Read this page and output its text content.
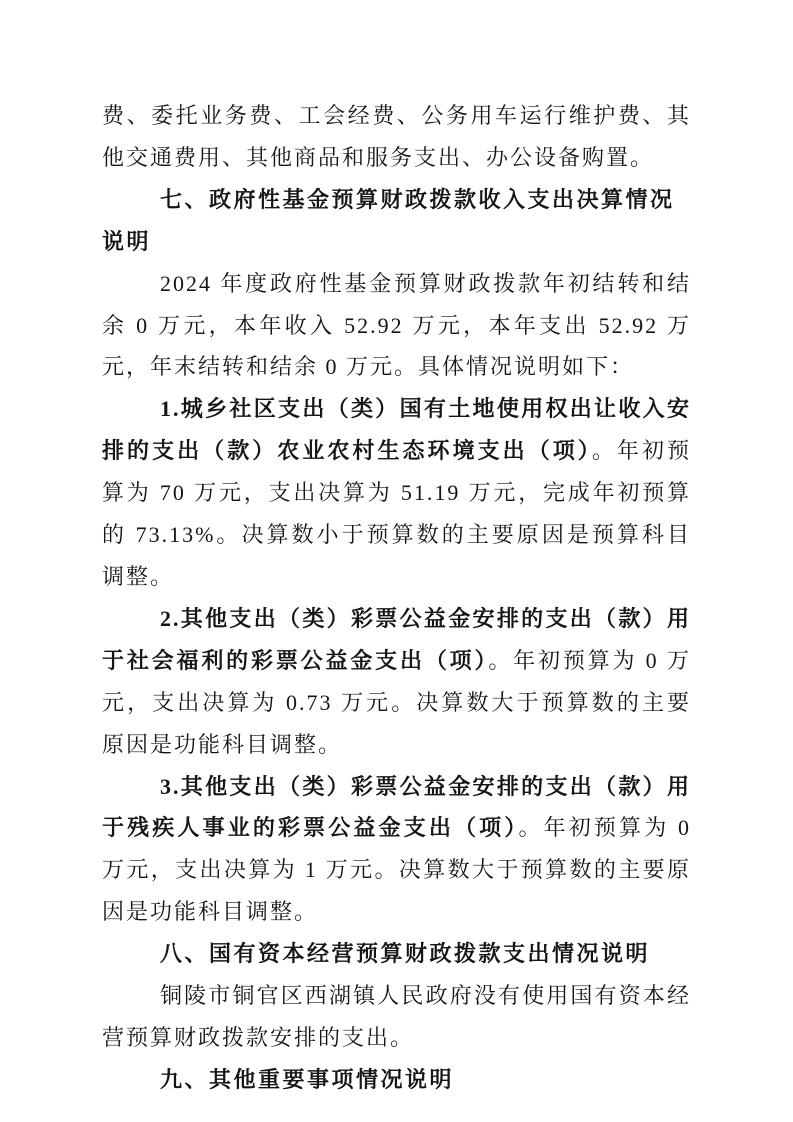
费、委托业务费、工会经费、公务用车运行维护费、其他交通费用、其他商品和服务支出、办公设备购置。

七、政府性基金预算财政拨款收入支出决算情况说明

2024 年度政府性基金预算财政拨款年初结转和结余 0 万元，本年收入 52.92 万元，本年支出 52.92 万元，年末结转和结余 0 万元。具体情况说明如下：

1.城乡社区支出（类）国有土地使用权出让收入安排的支出（款）农业农村生态环境支出（项）。年初预算为 70 万元，支出决算为 51.19 万元，完成年初预算的 73.13%。决算数小于预算数的主要原因是预算科目调整。

2.其他支出（类）彩票公益金安排的支出（款）用于社会福利的彩票公益金支出（项）。年初预算为 0 万元，支出决算为 0.73 万元。决算数大于预算数的主要原因是功能科目调整。

3.其他支出（类）彩票公益金安排的支出（款）用于残疾人事业的彩票公益金支出（项）。年初预算为 0 万元，支出决算为 1 万元。决算数大于预算数的主要原因是功能科目调整。

八、国有资本经营预算财政拨款支出情况说明

铜陵市铜官区西湖镇人民政府没有使用国有资本经营预算财政拨款安排的支出。

九、其他重要事项情况说明
